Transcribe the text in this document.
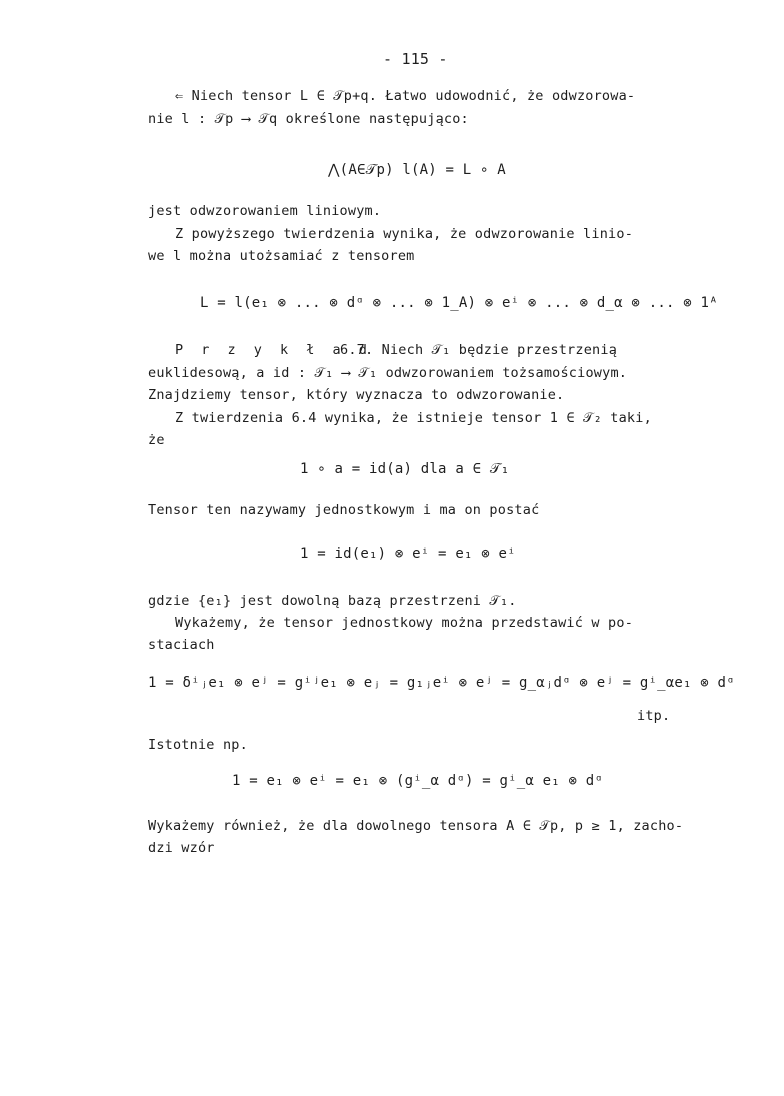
- 115 -
⇐ Niech tensor L ∈ 𝒯p+q. Łatwo udowodnić, że odwzorowa-
nie l : 𝒯p ⟶ 𝒯q określone następująco:
⋀(A∈𝒯p) l(A) = L ∘ A
jest odwzorowaniem liniowym.
Z powyższego twierdzenia wynika, że odwzorowanie linio-
we l można utożsamiać z tensorem
L = l(e₁ ⊗ ... ⊗ dᵅ ⊗ ... ⊗ 1_A) ⊗ eⁱ ⊗ ... ⊗ d_α ⊗ ... ⊗ 1ᴬ
P r z y k ł a d
6.7. Niech 𝒯₁ będzie przestrzenią
euklidesową, a id : 𝒯₁ ⟶ 𝒯₁ odwzorowaniem tożsamościowym.
Znajdziemy tensor, który wyznacza to odwzorowanie.
Z twierdzenia 6.4 wynika, że istnieje tensor 1 ∈ 𝒯₂ taki,
że
1 ∘ a = id(a) dla a ∈ 𝒯₁
Tensor ten nazywamy jednostkowym i ma on postać
1 = id(e₁) ⊗ eⁱ = e₁ ⊗ eⁱ
gdzie {e₁} jest dowolną bazą przestrzeni 𝒯₁.
Wykażemy, że tensor jednostkowy można przedstawić w po-
staciach
1 = δⁱⱼe₁ ⊗ eʲ = gⁱʲe₁ ⊗ eⱼ = g₁ⱼeⁱ ⊗ eʲ = g_αⱼdᵅ ⊗ eʲ = gⁱ_αe₁ ⊗ dᵅ
itp.
Istotnie np.
1 = e₁ ⊗ eⁱ = e₁ ⊗ (gⁱ_α dᵅ) = gⁱ_α e₁ ⊗ dᵅ
Wykażemy również, że dla dowolnego tensora A ∈ 𝒯p, p ≥ 1, zacho-
dzi wzór
